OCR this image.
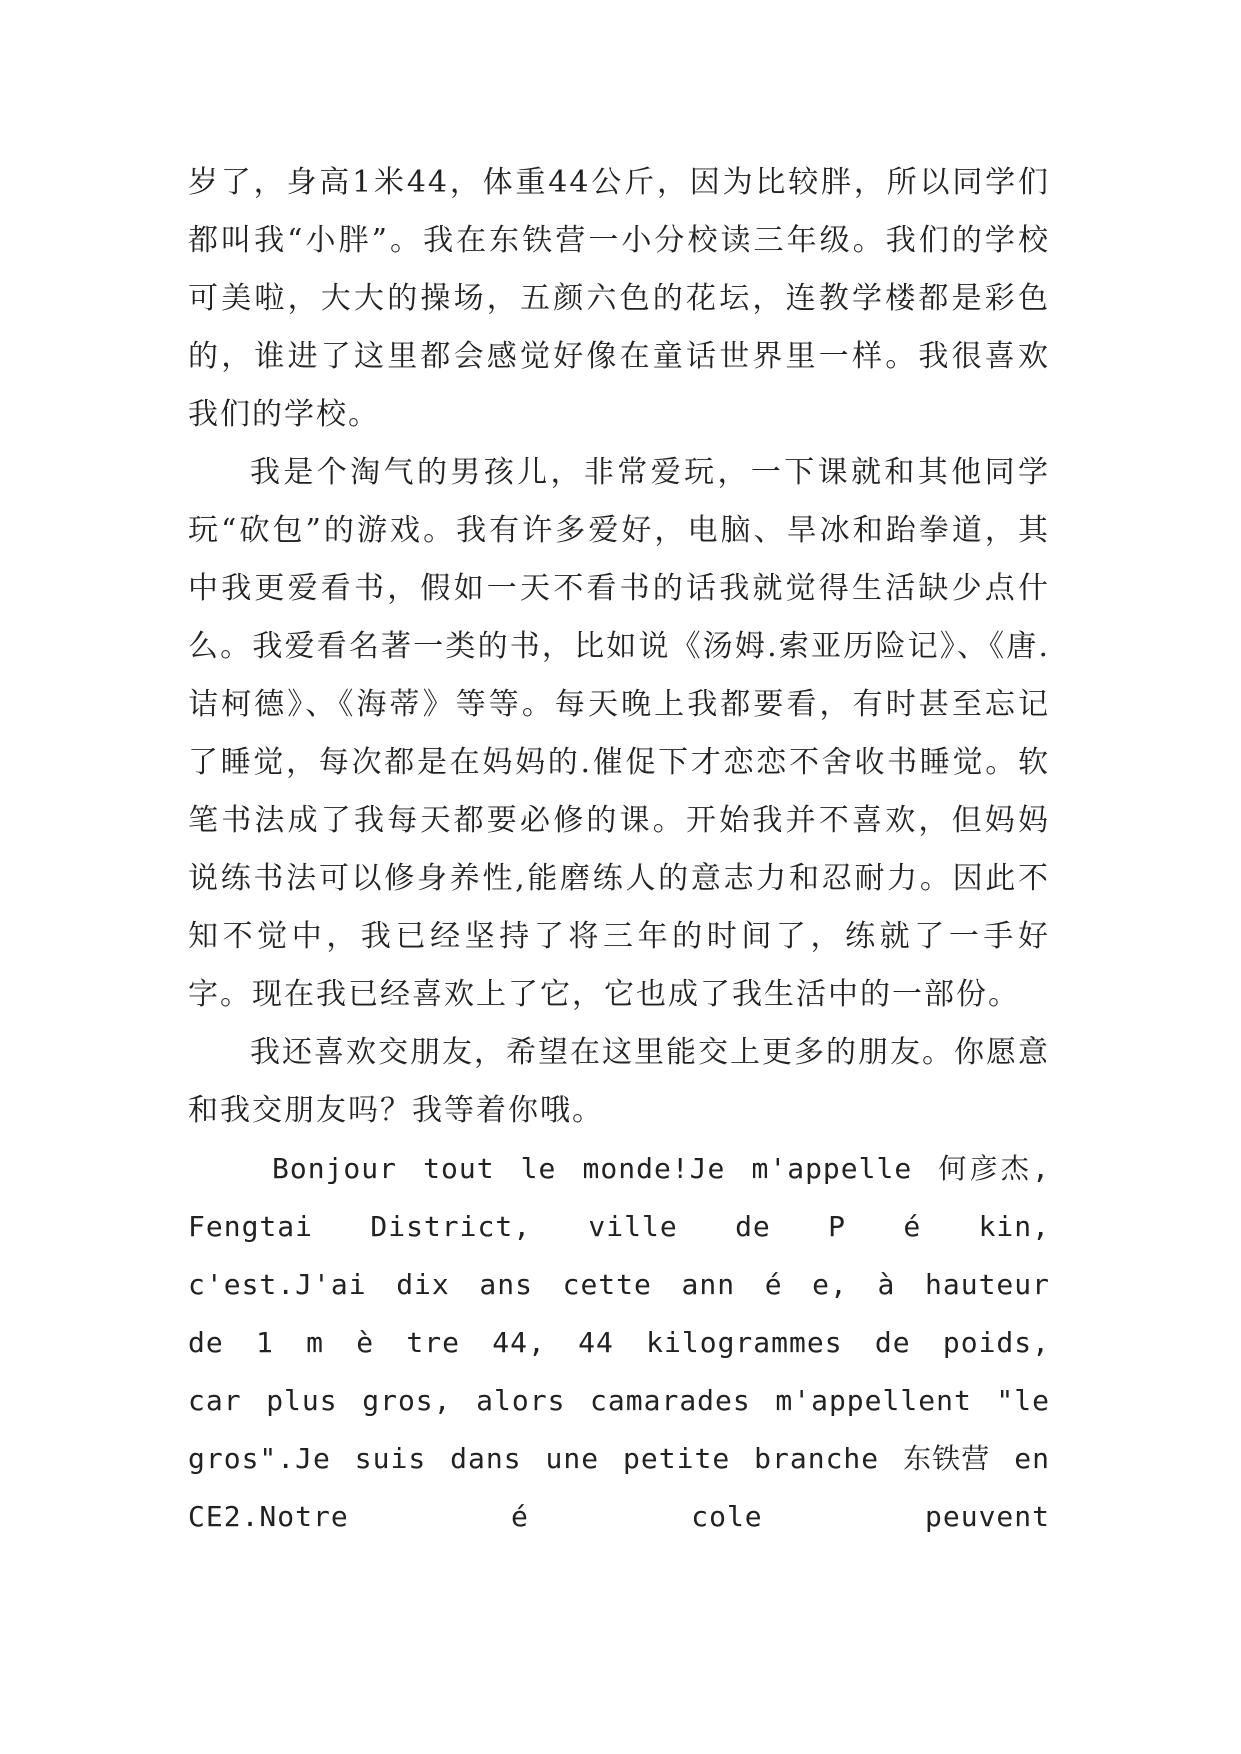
岁了，身高1米44，体重44公斤，因为比较胖，所以同学们都叫我“小胖”。我在东铁营一小分校读三年级。我们的学校可美啦，大大的操场，五颜六色的花坛，连教学楼都是彩色的，谁进了这里都会感觉好像在童话世界里一样。我很喜欢我们的学校。

我是个淘气的男孩儿，非常爱玩，一下课就和其他同学玩“砍包”的游戏。我有许多爱好，电脑、旱冰和跆拳道，其中我更爱看书，假如一天不看书的话我就觉得生活缺少点什么。我爱看名著一类的书，比如说《汤姆.索亚历险记》、《唐.诘柯德》、《海蒂》等等。每天晚上我都要看，有时甚至忘记了睡觉，每次都是在妈妈的.催促下才恋恋不舍收书睡觉。软笔书法成了我每天都要必修的课。开始我并不喜欢，但妈妈说练书法可以修身养性,能磨练人的意志力和忍耐力。因此不知不觉中，我已经坚持了将三年的时间了，练就了一手好字。现在我已经喜欢上了它，它也成了我生活中的一部份。

我还喜欢交朋友，希望在这里能交上更多的朋友。你愿意和我交朋友吗？我等着你哦。

Bonjour tout le monde!Je m'appelle 何彦杰, Fengtai District, ville de P é kin, c'est.J'ai dix ans cette ann é e, à hauteur de 1 m è tre 44, 44 kilogrammes de poids, car plus gros, alors camarades m'appellent "le gros".Je suis dans une petite branche 东铁营 en CE2.Notre é cole peuvent
